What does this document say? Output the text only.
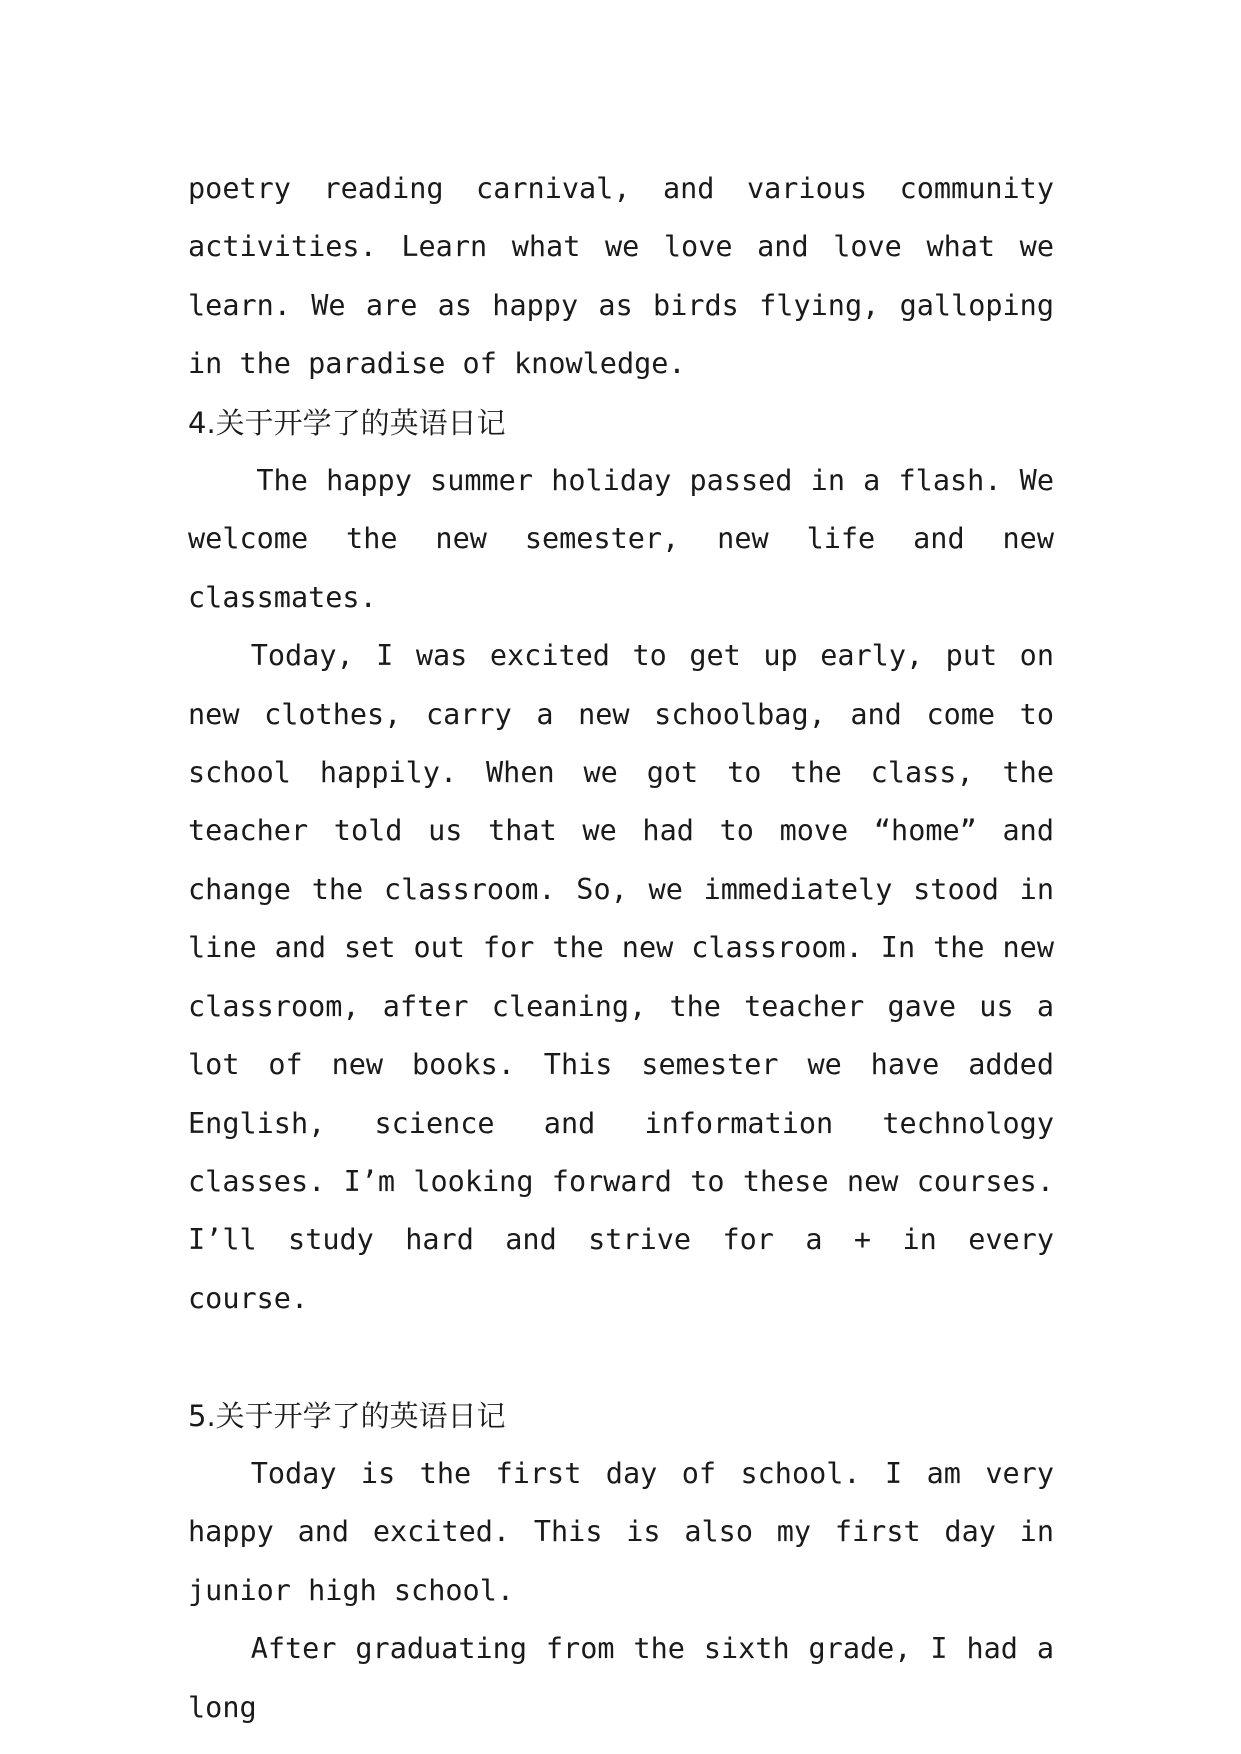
poetry reading carnival, and various community activities. Learn what we love and love what we learn. We are as happy as birds flying, galloping in the paradise of knowledge.

4.关于开学了的英语日记

The happy summer holiday passed in a flash. We welcome the new semester, new life and new classmates.

Today, I was excited to get up early, put on new clothes, carry a new schoolbag, and come to school happily. When we got to the class, the teacher told us that we had to move “home” and change the classroom. So, we immediately stood in line and set out for the new classroom. In the new classroom, after cleaning, the teacher gave us a lot of new books. This semester we have added English, science and information technology classes. I’m looking forward to these new courses. I’ll study hard and strive for a + in every course.

5.关于开学了的英语日记

Today is the first day of school. I am very happy and excited. This is also my first day in junior high school.

After graduating from the sixth grade, I had a long
